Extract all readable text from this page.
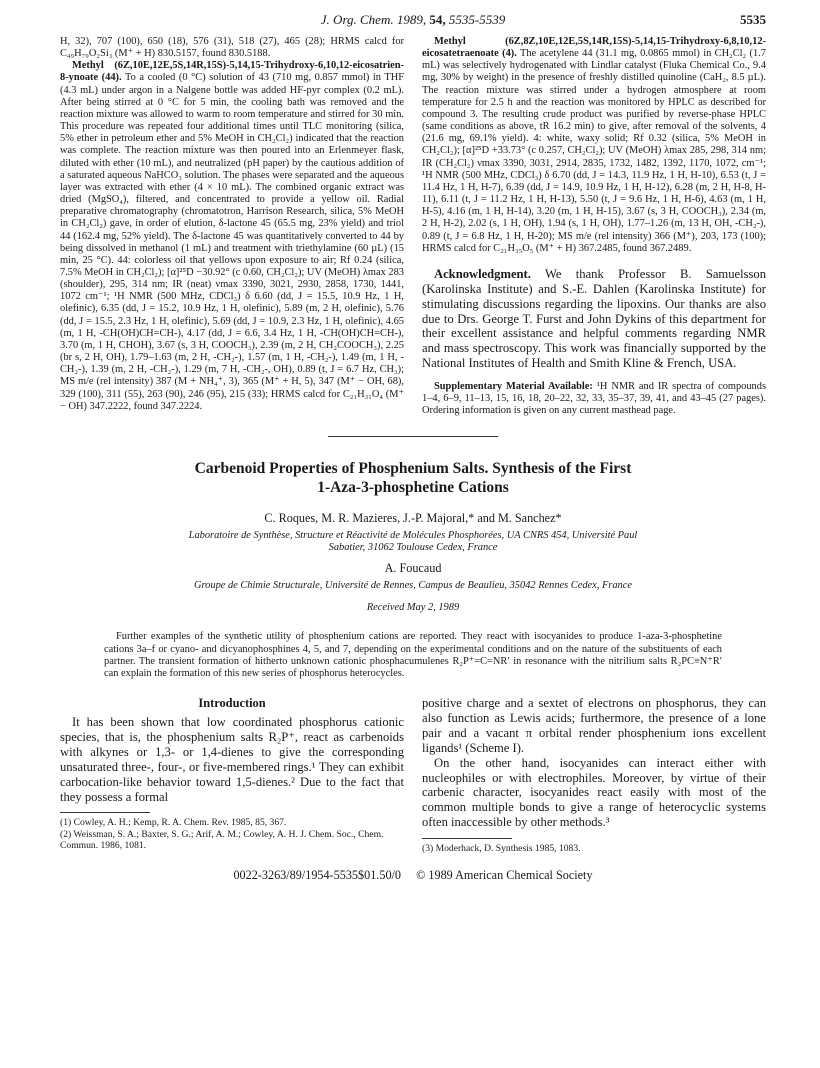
J. Org. Chem. 1989, 54, 5535-5539	5535

H, 32), 707 (100), 650 (18), 576 (31), 518 (27), 465 (28); HRMS calcd for C₄₉H₇₉O₂Si₃ (M⁺ + H) 830.5157, found 830.5188.

Methyl (6Z,10E,12E,5S,14R,15S)-5,14,15-Trihydroxy-6,10,12-eicosatrien-8-ynoate (44). To a cooled (0 °C) solution of 43 (710 mg, 0.857 mmol) in THF (4.3 mL) under argon in a Nalgene bottle was added HF-pyr complex (0.2 mL). After being stirred at 0 °C for 5 min, the cooling bath was removed and the reaction mixture was allowed to warm to room temperature and stirred for 30 min. This procedure was repeated four additional times until TLC monitoring (silica, 5% ether in petroleum ether and 5% MeOH in CH₂Cl₂) indicated that the reaction was complete. The reaction mixture was then poured into an Erlenmeyer flask, diluted with ether (10 mL), and neutralized (pH paper) by the cautious addition of a saturated aqueous NaHCO₃ solution. The phases were separated and the aqueous layer was extracted with ether (4 × 10 mL). The combined organic extract was dried (MgSO₄), filtered, and concentrated to provide a yellow oil. Radial preparative chromatography (chromatotron, Harrison Research, silica, 5% MeOH in CH₂Cl₂) gave, in order of elution, δ-lactone 45 (65.5 mg, 23% yield) and triol 44 (162.4 mg, 52% yield). The δ-lactone 45 was quantitatively converted to 44 by being dissolved in methanol (1 mL) and treatment with triethylamine (60 µL) (15 min, 25 °C). 44: colorless oil that yellows upon exposure to air; Rf 0.24 (silica, 7.5% MeOH in CH₂Cl₂); [α]²⁵D −30.92° (c 0.60, CH₂Cl₂); UV (MeOH) λmax 283 (shoulder), 295, 314 nm; IR (neat) νmax 3390, 3021, 2930, 2858, 1730, 1441, 1072 cm⁻¹; ¹H NMR (500 MHz, CDCl₃) δ 6.60 (dd, J = 15.5, 10.9 Hz, 1 H, olefinic), 6.35 (dd, J = 15.2, 10.9 Hz, 1 H, olefinic), 5.89 (m, 2 H, olefinic), 5.76 (dd, J = 15.5, 2.3 Hz, 1 H, olefinic), 5.69 (dd, J = 10.9, 2.3 Hz, 1 H, olefinic), 4.65 (m, 1 H, -CH(OH)CH=CH-), 4.17 (dd, J = 6.6, 3.4 Hz, 1 H, -CH(OH)CH=CH-), 3.70 (m, 1 H, CHOH), 3.67 (s, 3 H, COOCH₃), 2.39 (m, 2 H, CH₂COOCH₃), 2.25 (br s, 2 H, OH), 1.79–1.63 (m, 2 H, -CH₂-), 1.57 (m, 1 H, -CH₂-), 1.49 (m, 1 H, -CH₂-), 1.39 (m, 2 H, -CH₂-), 1.29 (m, 7 H, -CH₂-, OH), 0.89 (t, J = 6.7 Hz, CH₃); MS m/e (rel intensity) 387 (M + NH₄⁺, 3), 365 (M⁺ + H, 5), 347 (M⁺ − OH, 68), 329 (100), 311 (55), 263 (90), 246 (95), 215 (33); HRMS calcd for C₂₁H₃₁O₄ (M⁺ − OH) 347.2222, found 347.2224.

Methyl (6Z,8Z,10E,12E,5S,14R,15S)-5,14,15-Trihydroxy-6,8,10,12-eicosatetraenoate (4). The acetylene 44 (31.1 mg, 0.0865 mmol) in CH₂Cl₂ (1.7 mL) was selectively hydrogenated with Lindlar catalyst (Fluka Chemical Co., 9.4 mg, 30% by weight) in the presence of freshly distilled quinoline (CaH₂, 8.5 µL). The reaction mixture was stirred under a hydrogen atmosphere at room temperature for 2.5 h and the reaction was monitored by HPLC as described for compound 3. The resulting crude product was purified by reverse-phase HPLC (same conditions as above, tR 16.2 min) to give, after removal of the solvents, 4 (21.6 mg, 69.1% yield). 4: white, waxy solid; Rf 0.32 (silica, 5% MeOH in CH₂Cl₂); [α]²⁵D +33.73° (c 0.257, CH₂Cl₂); UV (MeOH) λmax 285, 298, 314 nm; IR (CH₂Cl₂) νmax 3390, 3031, 2914, 2835, 1732, 1482, 1392, 1170, 1072, cm⁻¹; ¹H NMR (500 MHz, CDCl₃) δ 6.70 (dd, J = 14.3, 11.9 Hz, 1 H, H-10), 6.53 (t, J = 11.4 Hz, 1 H, H-7), 6.39 (dd, J = 14.9, 10.9 Hz, 1 H, H-12), 6.28 (m, 2 H, H-8, H-11), 6.11 (t, J = 11.2 Hz, 1 H, H-13), 5.50 (t, J = 9.6 Hz, 1 H, H-6), 4.63 (m, 1 H, H-5), 4.16 (m, 1 H, H-14), 3.20 (m, 1 H, H-15), 3.67 (s, 3 H, COOCH₃), 2.34 (m, 2 H, H-2), 2.02 (s, 1 H, OH), 1.94 (s, 1 H, OH), 1.77–1.26 (m, 13 H, OH, -CH₂-), 0.89 (t, J = 6.8 Hz, 1 H, H-20); MS m/e (rel intensity) 366 (M⁺), 203, 173 (100); HRMS calcd for C₂₁H₃₅O₅ (M⁺ + H) 367.2485, found 367.2489.

Acknowledgment. We thank Professor B. Samuelsson (Karolinska Institute) and S.-E. Dahlen (Karolinska Institute) for stimulating discussions regarding the lipoxins. Our thanks are also due to Drs. George T. Furst and John Dykins of this department for their excellent assistance and helpful comments regarding NMR and mass spectroscopy. This work was financially supported by the National Institutes of Health and Smith Kline & French, USA.

Supplementary Material Available: ¹H NMR and IR spectra of compounds 1–4, 6–9, 11–13, 15, 16, 18, 20–22, 32, 33, 35–37, 39, 41, and 43–45 (27 pages). Ordering information is given on any current masthead page.

Carbenoid Properties of Phosphenium Salts. Synthesis of the First
1-Aza-3-phosphetine Cations

C. Roques, M. R. Mazieres, J.-P. Majoral,* and M. Sanchez*
Laboratoire de Synthèse, Structure et Réactivité de Molécules Phosphorées, UA CNRS 454, Université Paul
Sabatier, 31062 Toulouse Cedex, France
A. Foucaud
Groupe de Chimie Structurale, Université de Rennes, Campus de Beaulieu, 35042 Rennes Cedex, France
Received May 2, 1989

Further examples of the synthetic utility of phosphenium cations are reported. They react with isocyanides to produce 1-aza-3-phosphetine cations 3a–f or cyano- and dicyanophosphines 4, 5, and 7, depending on the experimental conditions and on the nature of the substituents of each partner. The transient formation of hitherto unknown cationic phosphacumulenes R₂P⁺=C=NR′ in resonance with the nitrilium salts R₂PC≡N⁺R′ can explain the formation of this new series of phosphorus heterocycles.

Introduction

It has been shown that low coordinated phosphorus cationic species, that is, the phosphenium salts R₂P⁺, react as carbenoids with alkynes or 1,3- or 1,4-dienes to give the corresponding unsaturated three-, four-, or five-membered rings.¹ They can exhibit carbocation-like behavior toward 1,5-dienes.² Due to the fact that they possess a formal

(1) Cowley, A. H.; Kemp, R. A. Chem. Rev. 1985, 85, 367.

(2) Weissman, S. A.; Baxter, S. G.; Arif, A. M.; Cowley, A. H. J. Chem. Soc., Chem. Commun. 1986, 1081.

positive charge and a sextet of electrons on phosphorus, they can also function as Lewis acids; furthermore, the presence of a lone pair and a vacant π orbital render phosphenium ions excellent ligands¹ (Scheme I).

On the other hand, isocyanides can interact either with nucleophiles or with electrophiles. Moreover, by virtue of their carbenic character, isocyanides react easily with most of the common multiple bonds to give a range of heterocyclic systems often inaccessible by other methods.³

(3) Moderhack, D. Synthesis 1985, 1083.

0022-3263/89/1954-5535$01.50/0 © 1989 American Chemical Society
